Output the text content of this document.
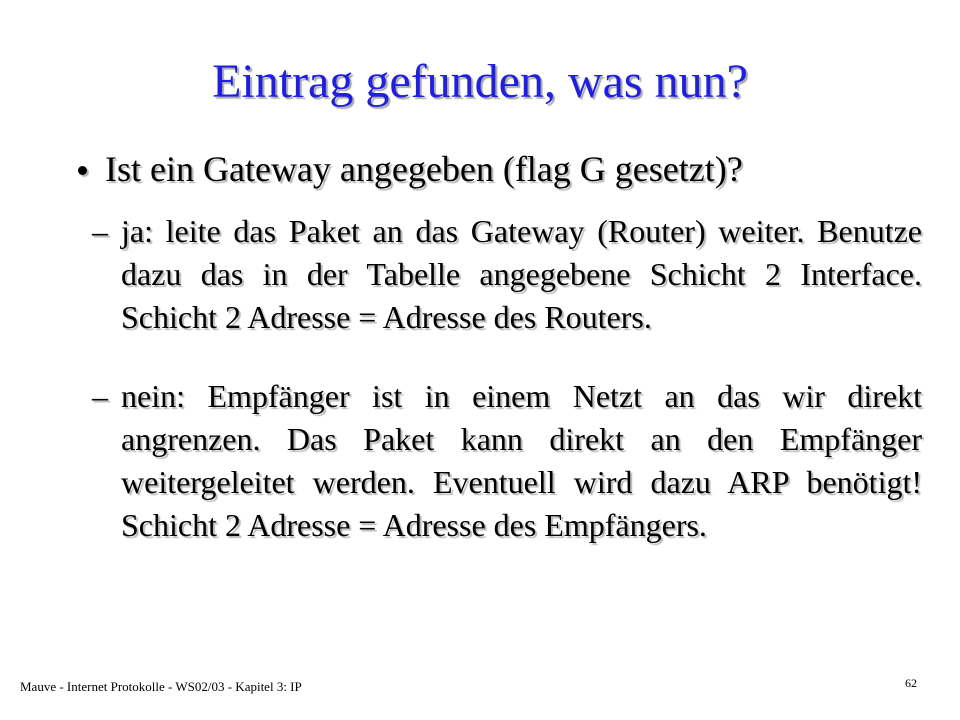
Eintrag gefunden, was nun?
Ist ein Gateway angegeben (flag G gesetzt)?
– ja: leite das Paket an das Gateway (Router) weiter. Benutze dazu das in der Tabelle angegebene Schicht 2 Interface. Schicht 2 Adresse = Adresse des Routers.
– nein: Empfänger ist in einem Netzt an das wir direkt angrenzen. Das Paket kann direkt an den Empfänger weitergeleitet werden. Eventuell wird dazu ARP benötigt! Schicht 2 Adresse = Adresse des Empfängers.
Mauve - Internet Protokolle - WS02/03 - Kapitel 3: IP	62
